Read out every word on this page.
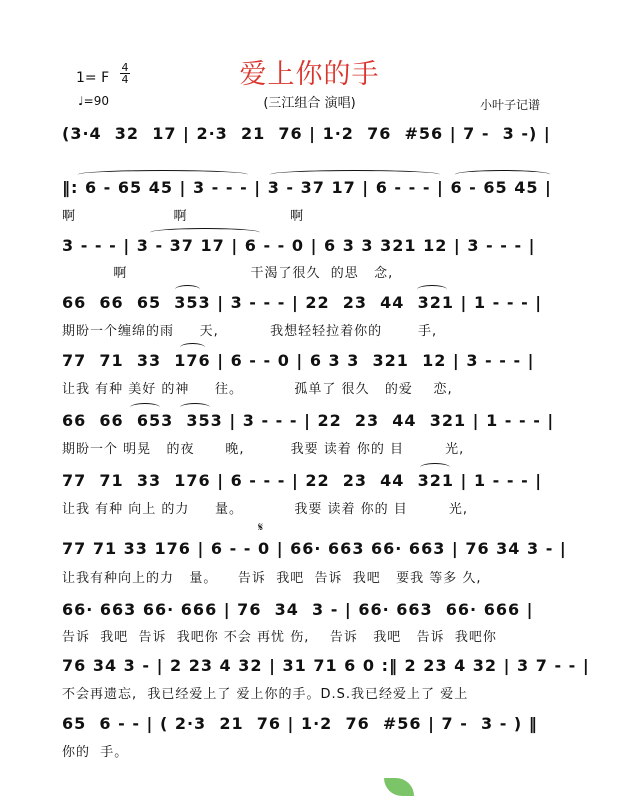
1= F
4
4
♩=90
爱上你的手
(三江组合 演唱)	小叶子记谱
(3·4  32  17 | 2·3  21  76 | 1·2  76  #56 | 7 -  3 -) |
‖: 6 - 65 45 | 3 - - - | 3 - 37 17 | 6 - - - | 6 - 65 45 |
啊                   啊                    啊
3 - - - | 3 - 37 17 | 6 - - 0 | 6 3 3 321 12 | 3 - - - |
啊                        干渴了很久  的思   念,
66  66  65  353 | 3 - - - | 22  23  44  321 | 1 - - - |
期盼一个缠绵的雨     天,          我想轻轻拉着你的       手,
77  71  33  176 | 6 - - 0 | 6 3 3  321  12 | 3 - - - |
让我 有种 美好 的神     往。          孤单了 很久   的爱    恋,
66  66  653  353 | 3 - - - | 22  23  44  321 | 1 - - - |
期盼一个 明晃   的夜      晚,         我要 读着 你的 目        光,
77  71  33  176 | 6 - - - | 22  23  44  321 | 1 - - - |
让我 有种 向上 的力     量。          我要 读着 你的 目        光,
𝄋
77 71 33 176 | 6 - - 0 | 66· 663 66· 663 | 76 34 3 - |
让我有种向上的力   量。    告诉  我吧  告诉  我吧   要我 等多 久,
66· 663 66· 666 | 76  34  3 - | 66· 663  66· 666 |
告诉  我吧  告诉  我吧你 不会 再忧 伤,    告诉   我吧   告诉  我吧你
76 34 3 - | 2 23 4 32 | 31 71 6 0 :‖ 2 23 4 32 | 3 7 - - |
不会再遗忘,  我已经爱上了 爱上你的手。D.S.我已经爱上了 爱上
65  6 - - | ( 2·3  21  76 | 1·2  76  #56 | 7 -  3 - ) ‖
你的  手。
